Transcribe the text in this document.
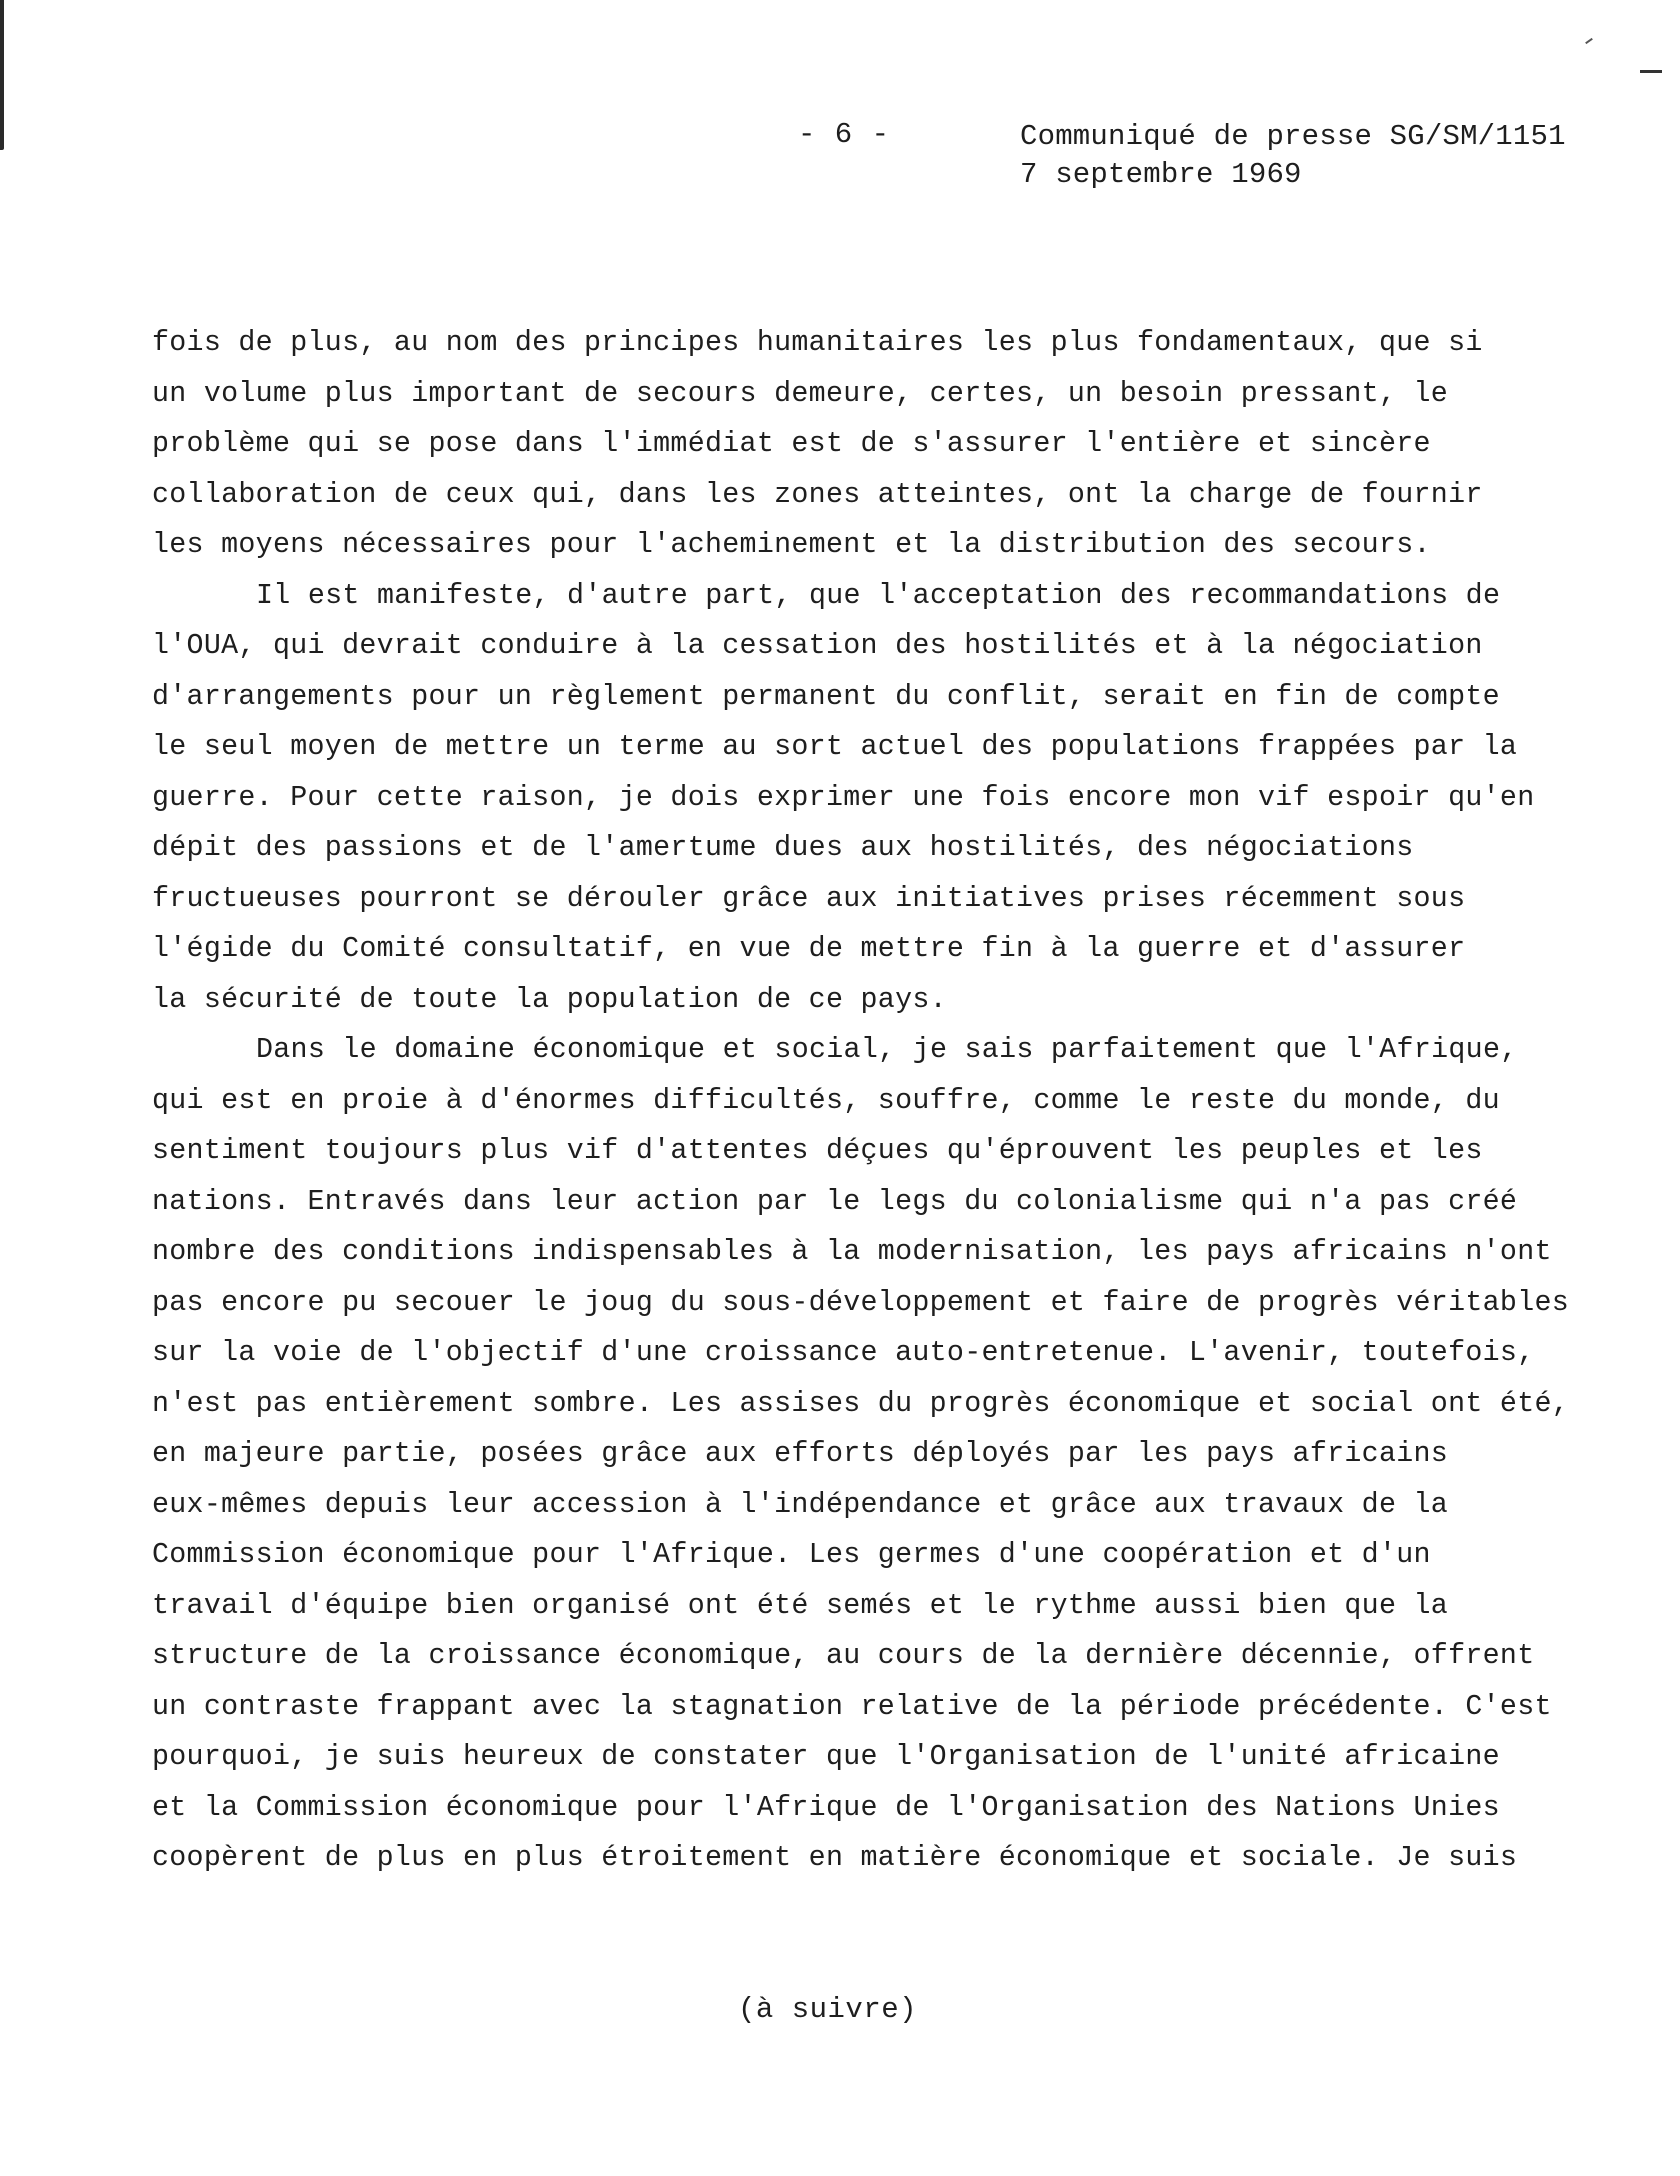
- 6 -	Communiqué de presse SG/SM/1151
7 septembre 1969
fois de plus, au nom des principes humanitaires les plus fondamentaux, que si
un volume plus important de secours demeure, certes, un besoin pressant, le
problème qui se pose dans l'immédiat est de s'assurer l'entière et sincère
collaboration de ceux qui, dans les zones atteintes, ont la charge de fournir
les moyens nécessaires pour l'acheminement et la distribution des secours.
Il est manifeste, d'autre part, que l'acceptation des recommandations de
l'OUA, qui devrait conduire à la cessation des hostilités et à la négociation
d'arrangements pour un règlement permanent du conflit, serait en fin de compte
le seul moyen de mettre un terme au sort actuel des populations frappées par la
guerre. Pour cette raison, je dois exprimer une fois encore mon vif espoir qu'en
dépit des passions et de l'amertume dues aux hostilités, des négociations
fructueuses pourront se dérouler grâce aux initiatives prises récemment sous
l'égide du Comité consultatif, en vue de mettre fin à la guerre et d'assurer
la sécurité de toute la population de ce pays.
Dans le domaine économique et social, je sais parfaitement que l'Afrique,
qui est en proie à d'énormes difficultés, souffre, comme le reste du monde, du
sentiment toujours plus vif d'attentes déçues qu'éprouvent les peuples et les
nations. Entravés dans leur action par le legs du colonialisme qui n'a pas créé
nombre des conditions indispensables à la modernisation, les pays africains n'ont
pas encore pu secouer le joug du sous-développement et faire de progrès véritables
sur la voie de l'objectif d'une croissance auto-entretenue. L'avenir, toutefois,
n'est pas entièrement sombre. Les assises du progrès économique et social ont été,
en majeure partie, posées grâce aux efforts déployés par les pays africains
eux-mêmes depuis leur accession à l'indépendance et grâce aux travaux de la
Commission économique pour l'Afrique. Les germes d'une coopération et d'un
travail d'équipe bien organisé ont été semés et le rythme aussi bien que la
structure de la croissance économique, au cours de la dernière décennie, offrent
un contraste frappant avec la stagnation relative de la période précédente. C'est
pourquoi, je suis heureux de constater que l'Organisation de l'unité africaine
et la Commission économique pour l'Afrique de l'Organisation des Nations Unies
coopèrent de plus en plus étroitement en matière économique et sociale. Je suis
(à suivre)
